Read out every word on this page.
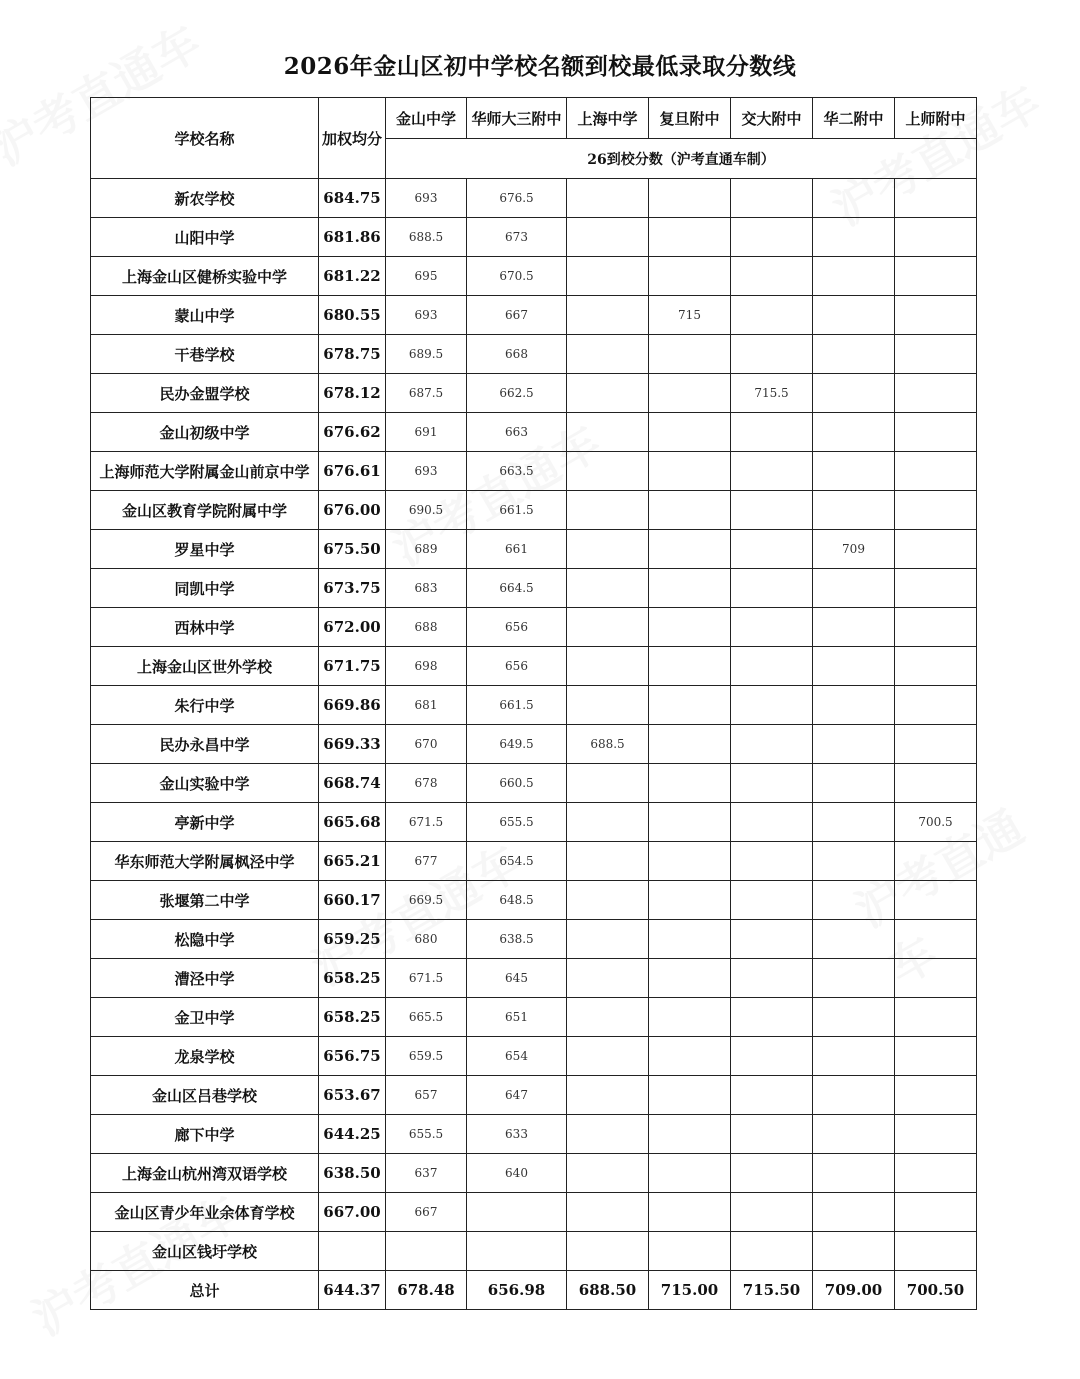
2026年金山区初中学校名额到校最低录取分数线
学校名称	加权均分	金山中学	华师大三附中	上海中学	复旦附中	交大附中	华二附中	上师附中
		26到校分数（沪考直通车制）						
新农学校	684.75	693	676.5					
山阳中学	681.86	688.5	673					
上海金山区健桥实验中学	681.22	695	670.5					
蒙山中学	680.55	693	667		715			
干巷学校	678.75	689.5	668					
民办金盟学校	678.12	687.5	662.5			715.5		
金山初级中学	676.62	691	663					
上海师范大学附属金山前京中学	676.61	693	663.5					
金山区教育学院附属中学	676.00	690.5	661.5					
罗星中学	675.50	689	661				709	
同凯中学	673.75	683	664.5					
西林中学	672.00	688	656					
上海金山区世外学校	671.75	698	656					
朱行中学	669.86	681	661.5					
民办永昌中学	669.33	670	649.5	688.5				
金山实验中学	668.74	678	660.5					
亭新中学	665.68	671.5	655.5					700.5
华东师范大学附属枫泾中学	665.21	677	654.5					
张堰第二中学	660.17	669.5	648.5					
松隐中学	659.25	680	638.5					
漕泾中学	658.25	671.5	645					
金卫中学	658.25	665.5	651					
龙泉学校	656.75	659.5	654					
金山区吕巷学校	653.67	657	647					
廊下中学	644.25	655.5	633					
上海金山杭州湾双语学校	638.50	637	640					
金山区青少年业余体育学校	667.00	667						
金山区钱圩学校								
总计	644.37	678.48	656.98	688.50	715.00	715.50	709.00	700.50
